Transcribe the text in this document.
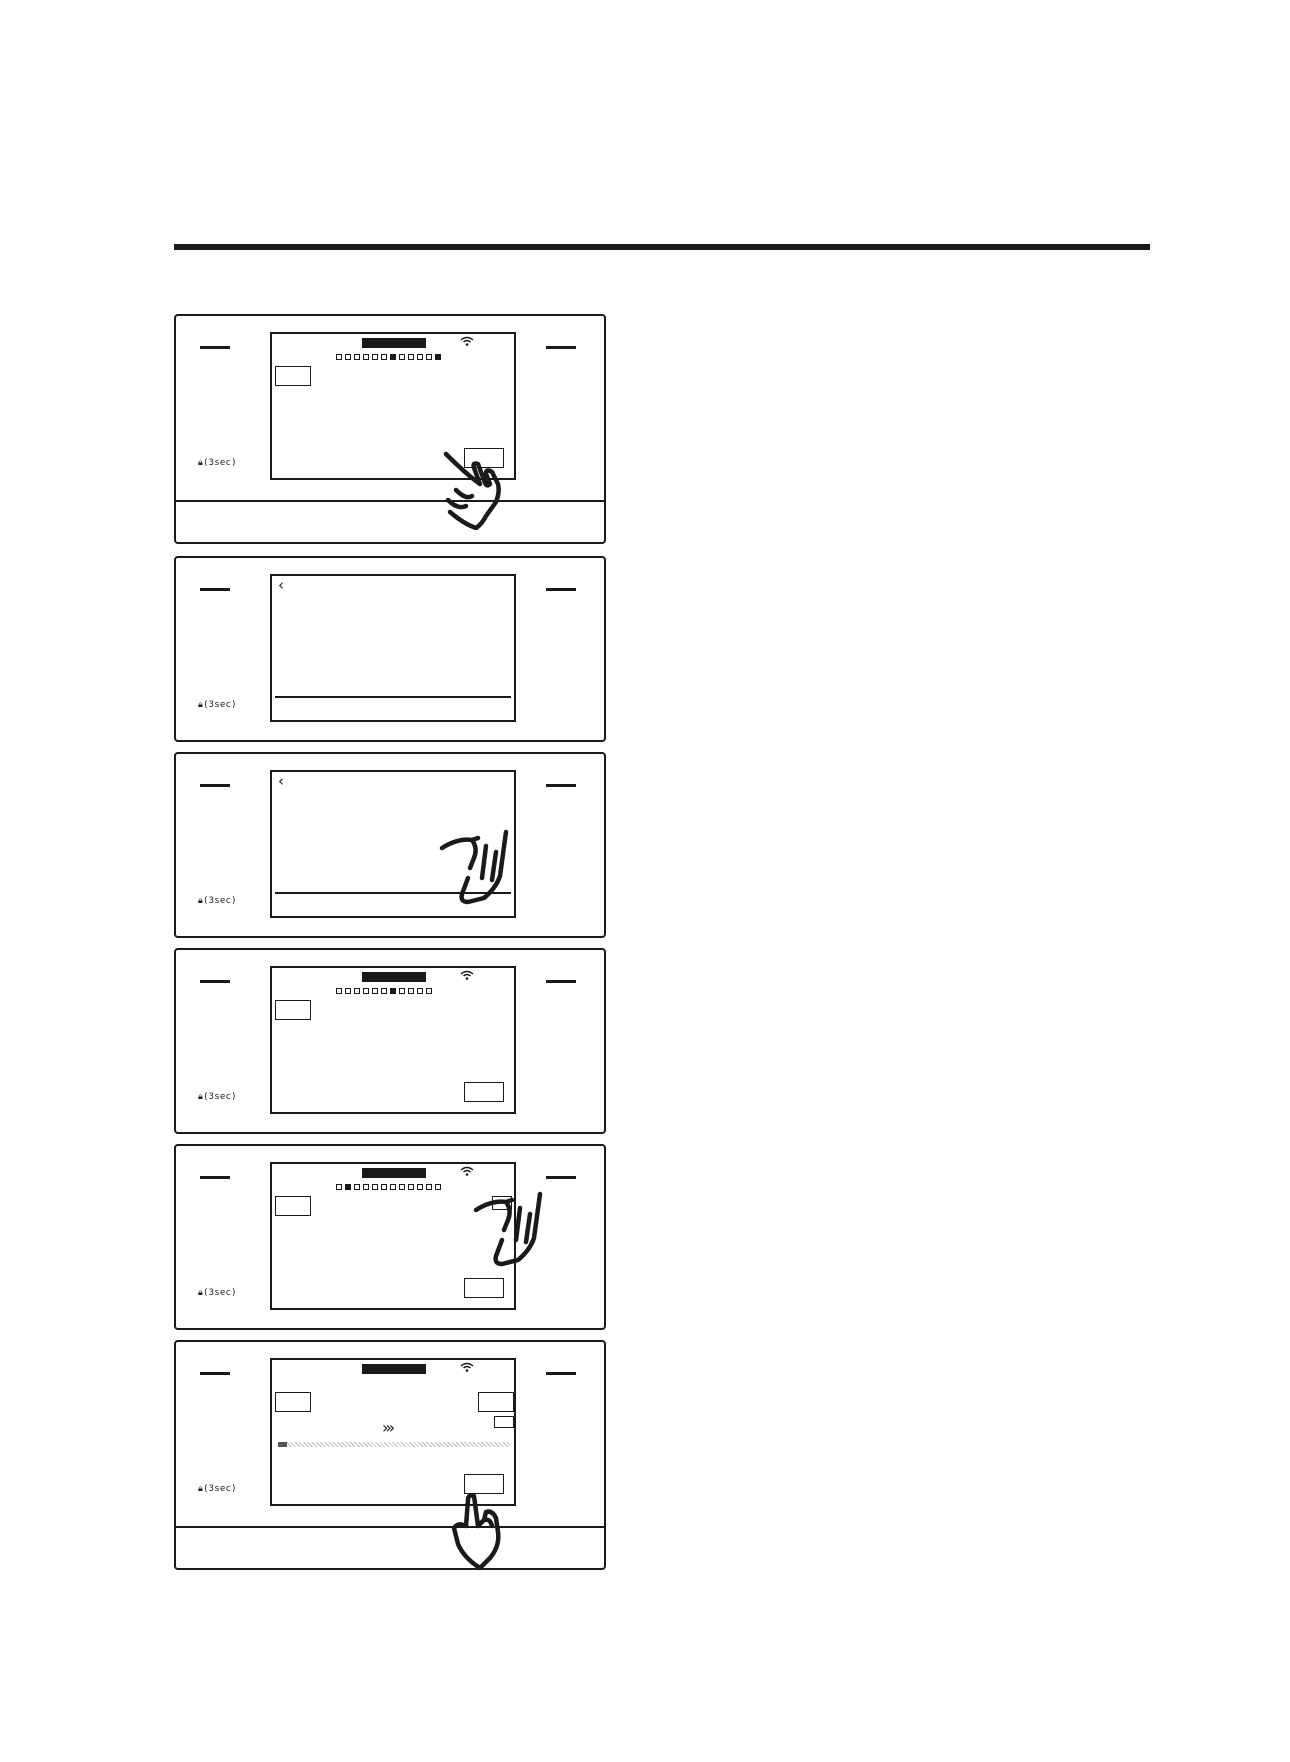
🔒︎(3sec)
🔒︎(3sec)
‹
🔒︎(3sec)
‹
🔒︎(3sec)
🔒︎(3sec)
🔒︎(3sec)
›››
